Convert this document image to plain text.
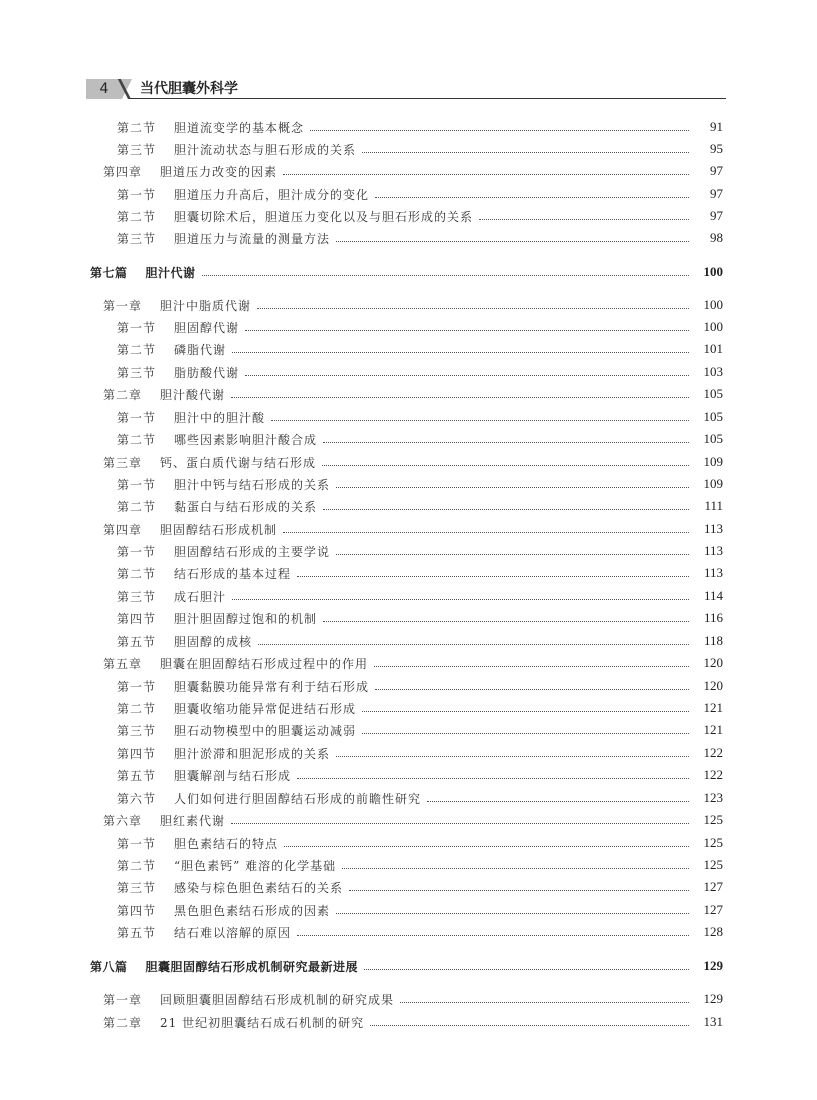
4	当代胆囊外科学
第二节 胆道流变学的基本概念	91
第三节 胆汁流动状态与胆石形成的关系	95
第四章 胆道压力改变的因素	97
第一节 胆道压力升高后，胆汁成分的变化	97
第二节 胆囊切除术后，胆道压力变化以及与胆石形成的关系	97
第三节 胆道压力与流量的测量方法	98
第七篇 胆汁代谢	100
第一章 胆汁中脂质代谢	100
第一节 胆固醇代谢	100
第二节 磷脂代谢	101
第三节 脂肪酸代谢	103
第二章 胆汁酸代谢	105
第一节 胆汁中的胆汁酸	105
第二节 哪些因素影响胆汁酸合成	105
第三章 钙、蛋白质代谢与结石形成	109
第一节 胆汁中钙与结石形成的关系	109
第二节 黏蛋白与结石形成的关系	111
第四章 胆固醇结石形成机制	113
第一节 胆固醇结石形成的主要学说	113
第二节 结石形成的基本过程	113
第三节 成石胆汁	114
第四节 胆汁胆固醇过饱和的机制	116
第五节 胆固醇的成核	118
第五章 胆囊在胆固醇结石形成过程中的作用	120
第一节 胆囊黏膜功能异常有利于结石形成	120
第二节 胆囊收缩功能异常促进结石形成	121
第三节 胆石动物模型中的胆囊运动减弱	121
第四节 胆汁淤滞和胆泥形成的关系	122
第五节 胆囊解剖与结石形成	122
第六节 人们如何进行胆固醇结石形成的前瞻性研究	123
第六章 胆红素代谢	125
第一节 胆色素结石的特点	125
第二节 “胆色素钙” 难溶的化学基础	125
第三节 感染与棕色胆色素结石的关系	127
第四节 黑色胆色素结石形成的因素	127
第五节 结石难以溶解的原因	128
第八篇 胆囊胆固醇结石形成机制研究最新进展	129
第一章 回顾胆囊胆固醇结石形成机制的研究成果	129
第二章 21 世纪初胆囊结石成石机制的研究	131
